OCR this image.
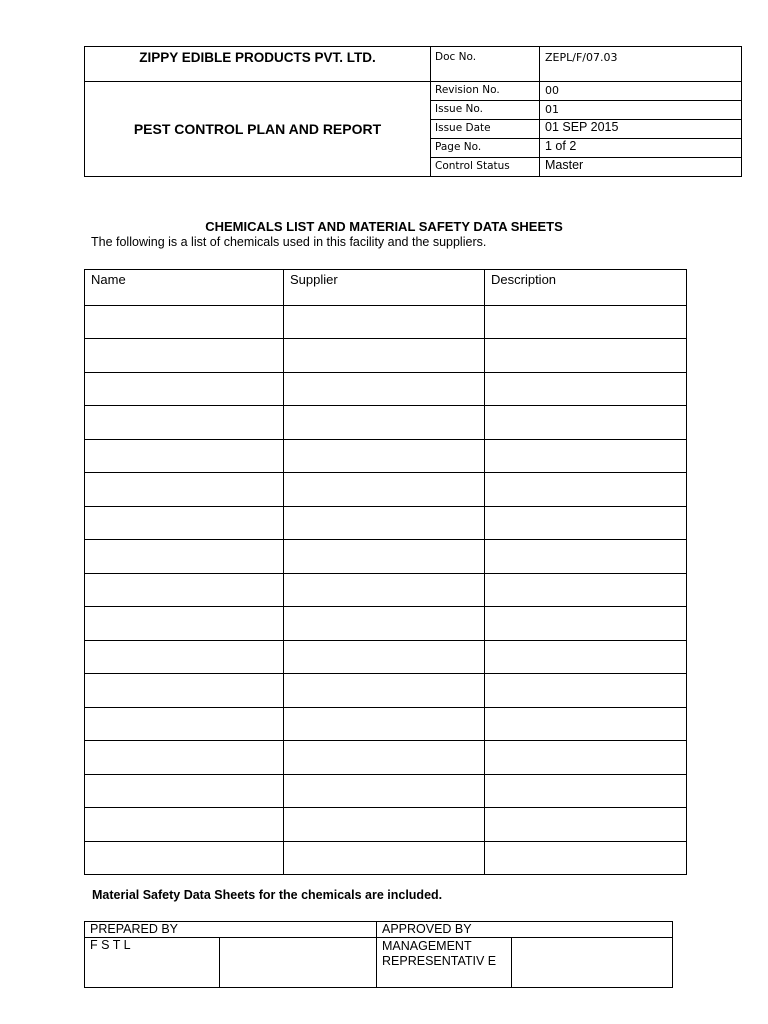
ZIPPY EDIBLE PRODUCTS PVT. LTD.	Doc No.	ZEPL/F/07.03
PEST CONTROL PLAN AND REPORT	Revision No.	00
	Issue No.	01
	Issue Date	01 SEP 2015
	Page No.	1 of 2
	Control Status	Master
CHEMICALS LIST AND MATERIAL SAFETY DATA SHEETS
The following is a list of chemicals used in this facility and the suppliers.
Name	Supplier	Description

Material Safety Data Sheets for the chemicals are included.
PREPARED BY		APPROVED BY	
F S T L		MANAGEMENT REPRESENTATIV E	
